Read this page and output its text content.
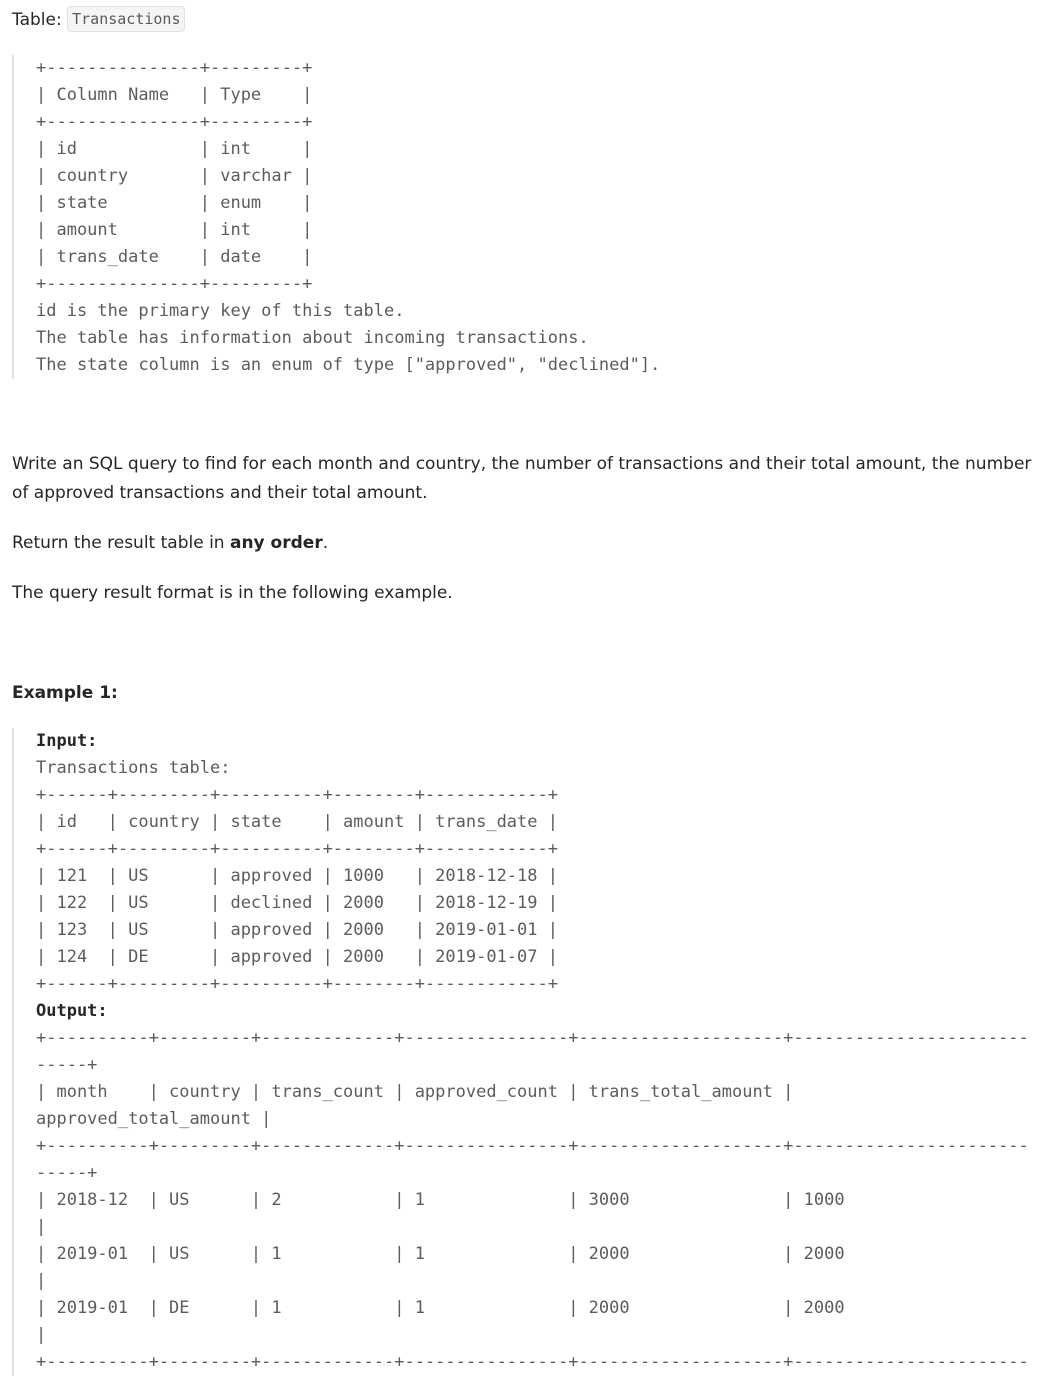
Table: Transactions
+---------------+---------+
| Column Name   | Type    |
+---------------+---------+
| id            | int     |
| country       | varchar |
| state         | enum    |
| amount        | int     |
| trans_date    | date    |
+---------------+---------+
id is the primary key of this table.
The table has information about incoming transactions.
The state column is an enum of type ["approved", "declined"].

Write an SQL query to find for each month and country, the number of transactions and their total amount, the number of approved transactions and their total amount.

Return the result table in any order.

The query result format is in the following example.

Example 1:

Input:
Transactions table:
+------+---------+----------+--------+------------+
| id   | country | state    | amount | trans_date |
+------+---------+----------+--------+------------+
| 121  | US      | approved | 1000   | 2018-12-18 |
| 122  | US      | declined | 2000   | 2018-12-19 |
| 123  | US      | approved | 2000   | 2019-01-01 |
| 124  | DE      | approved | 2000   | 2019-01-07 |
+------+---------+----------+--------+------------+
Output:
+----------+---------+-------------+----------------+--------------------+-----------------------
-----+
| month    | country | trans_count | approved_count | trans_total_amount |
approved_total_amount |
+----------+---------+-------------+----------------+--------------------+-----------------------
-----+
| 2018-12  | US      | 2           | 1              | 3000               | 1000
|
| 2019-01  | US      | 1           | 1              | 2000               | 2000
|
| 2019-01  | DE      | 1           | 1              | 2000               | 2000
|
+----------+---------+-------------+----------------+--------------------+-----------------------
